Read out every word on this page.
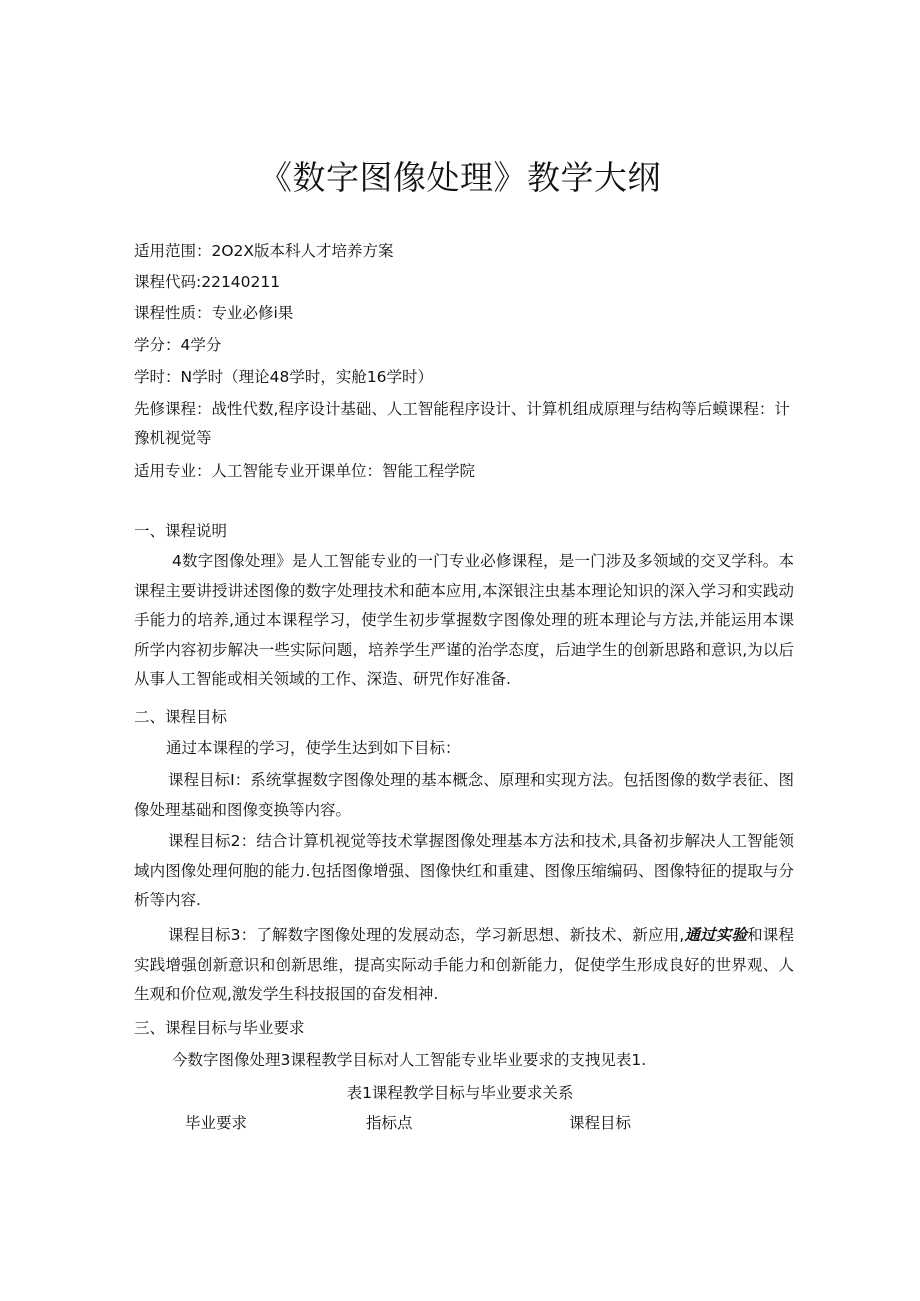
《数字图像处理》教学大纲
适用范围：2O2X版本科人才培养方案
课程代码:22140211
课程性质：专业必修i果
学分：4学分
学时：N学时（理论48学时，实舱16学时）
先修课程：战性代数,程序设计基础、人工智能程序设计、计算机组成原理与结构等后蟆课程：计豫机视觉等
适用专业：人工智能专业开课单位：智能工程学院
一、课程说明
4数字图像处理》是人工智能专业的一门专业必修课程，是一门涉及多领域的交叉学科。本课程主要讲授讲述图像的数字处理技术和葩本应用,本深银注虫基本理论知识的深入学习和实践动手能力的培养,通过本课程学习，使学生初步掌握数字图像处理的班本理论与方法,并能运用本课所学内容初步解决一些实际问题，培养学生严谨的治学态度，后迪学生的创新思路和意识,为以后从事人工智能或相关领域的工作、深造、研咒作好准备.
二、课程目标
通过本课程的学习，使学生达到如下目标：
课程目标I：系统掌握数字图像处理的基本概念、原理和实现方法。包括图像的数学表征、图像处理基础和图像变换等内容。
课程目标2：结合计算机视觉等技术掌握图像处理基本方法和技术,具备初步解决人工智能领域内图像处理何胞的能力.包括图像增强、图像快红和重建、图像压缩编码、图像特征的提取与分析等内容.
课程目标3：了解数字图像处理的发展动态，学习新思想、新技术、新应用,通过实验和课程实践增强创新意识和创新思维，提高实际动手能力和创新能力，促使学生形成良好的世界观、人生观和价位观,激发学生科技报国的奋发相神.
三、课程目标与毕业要求
今数字图像处理3课程教学目标对人工智能专业毕业要求的支拽见表1.
表1课程教学目标与毕业要求关系
毕业要求	指标点	课程目标
